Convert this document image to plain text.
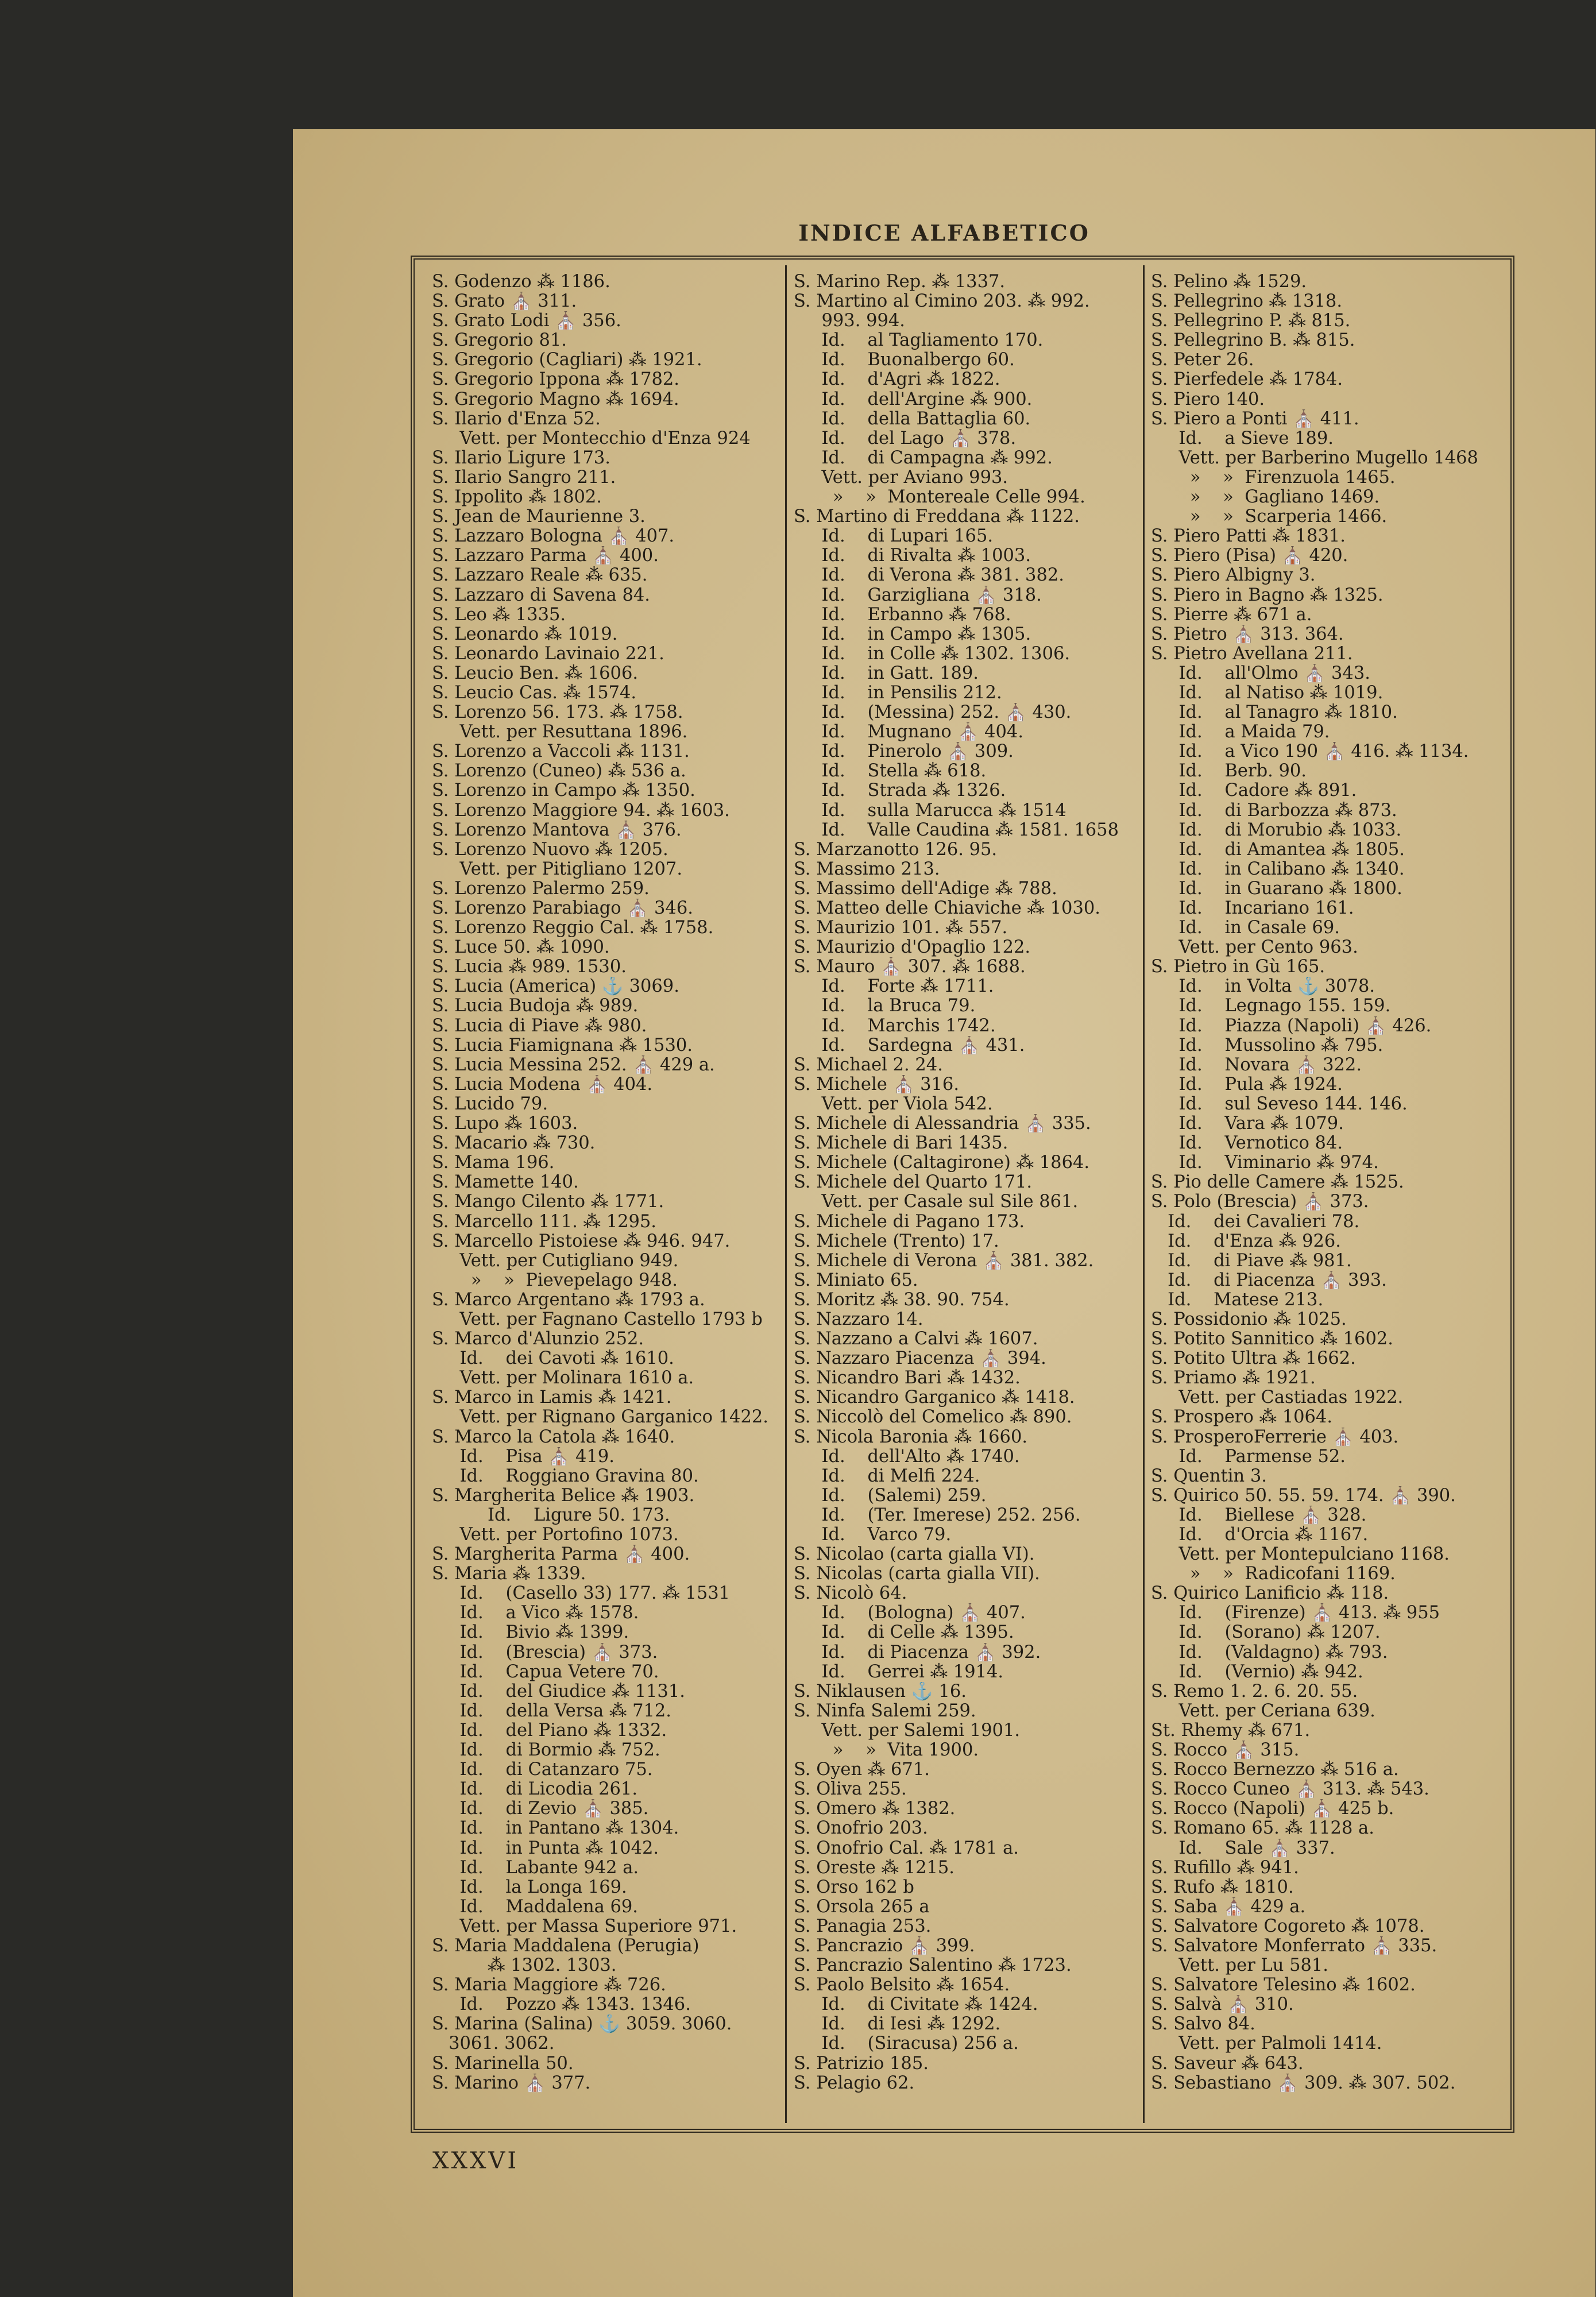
INDICE ALFABETICO
S. Godenzo ⁂ 1186.
S. Grato ⛪ 311.
S. Grato Lodi ⛪ 356.
S. Gregorio 81.
S. Gregorio (Cagliari) ⁂ 1921.
S. Gregorio Ippona ⁂ 1782.
S. Gregorio Magno ⁂ 1694.
S. Ilario d'Enza 52.
Vett. per Montecchio d'Enza 924
S. Ilario Ligure 173.
S. Ilario Sangro 211.
S. Ippolito ⁂ 1802.
S. Jean de Maurienne 3.
S. Lazzaro Bologna ⛪ 407.
S. Lazzaro Parma ⛪ 400.
S. Lazzaro Reale ⁂ 635.
S. Lazzaro di Savena 84.
S. Leo ⁂ 1335.
S. Leonardo ⁂ 1019.
S. Leonardo Lavinaio 221.
S. Leucio Ben. ⁂ 1606.
S. Leucio Cas. ⁂ 1574.
S. Lorenzo 56. 173. ⁂ 1758.
Vett. per Resuttana 1896.
S. Lorenzo a Vaccoli ⁂ 1131.
S. Lorenzo (Cuneo) ⁂ 536 a.
S. Lorenzo in Campo ⁂ 1350.
S. Lorenzo Maggiore 94. ⁂ 1603.
S. Lorenzo Mantova ⛪ 376.
S. Lorenzo Nuovo ⁂ 1205.
Vett. per Pitigliano 1207.
S. Lorenzo Palermo 259.
S. Lorenzo Parabiago ⛪ 346.
S. Lorenzo Reggio Cal. ⁂ 1758.
S. Luce 50. ⁂ 1090.
S. Lucia ⁂ 989. 1530.
S. Lucia (America) ⚓ 3069.
S. Lucia Budoja ⁂ 989.
S. Lucia di Piave ⁂ 980.
S. Lucia Fiamignana ⁂ 1530.
S. Lucia Messina 252. ⛪ 429 a.
S. Lucia Modena ⛪ 404.
S. Lucido 79.
S. Lupo ⁂ 1603.
S. Macario ⁂ 730.
S. Mama 196.
S. Mamette 140.
S. Mango Cilento ⁂ 1771.
S. Marcello 111. ⁂ 1295.
S. Marcello Pistoiese ⁂ 946. 947.
Vett. per Cutigliano 949.
»    »  Pievepelago 948.
S. Marco Argentano ⁂ 1793 a.
Vett. per Fagnano Castello 1793 b
S. Marco d'Alunzio 252.
Id.    dei Cavoti ⁂ 1610.
Vett. per Molinara 1610 a.
S. Marco in Lamis ⁂ 1421.
Vett. per Rignano Garganico 1422.
S. Marco la Catola ⁂ 1640.
Id.    Pisa ⛪ 419.
Id.    Roggiano Gravina 80.
S. Margherita Belice ⁂ 1903.
Id.    Ligure 50. 173.
Vett. per Portofino 1073.
S. Margherita Parma ⛪ 400.
S. Maria ⁂ 1339.
Id.    (Casello 33) 177. ⁂ 1531
Id.    a Vico ⁂ 1578.
Id.    Bivio ⁂ 1399.
Id.    (Brescia) ⛪ 373.
Id.    Capua Vetere 70.
Id.    del Giudice ⁂ 1131.
Id.    della Versa ⁂ 712.
Id.    del Piano ⁂ 1332.
Id.    di Bormio ⁂ 752.
Id.    di Catanzaro 75.
Id.    di Licodia 261.
Id.    di Zevio ⛪ 385.
Id.    in Pantano ⁂ 1304.
Id.    in Punta ⁂ 1042.
Id.    Labante 942 a.
Id.    la Longa 169.
Id.    Maddalena 69.
Vett. per Massa Superiore 971.
S. Maria Maddalena (Perugia)
⁂ 1302. 1303.
S. Maria Maggiore ⁂ 726.
Id.    Pozzo ⁂ 1343. 1346.
S. Marina (Salina) ⚓ 3059. 3060.
3061. 3062.
S. Marinella 50.
S. Marino ⛪ 377.
S. Marino Rep. ⁂ 1337.
S. Martino al Cimino 203. ⁂ 992.
993. 994.
Id.    al Tagliamento 170.
Id.    Buonalbergo 60.
Id.    d'Agri ⁂ 1822.
Id.    dell'Argine ⁂ 900.
Id.    della Battaglia 60.
Id.    del Lago ⛪ 378.
Id.    di Campagna ⁂ 992.
Vett. per Aviano 993.
»    »  Montereale Celle 994.
S. Martino di Freddana ⁂ 1122.
Id.    di Lupari 165.
Id.    di Rivalta ⁂ 1003.
Id.    di Verona ⁂ 381. 382.
Id.    Garzigliana ⛪ 318.
Id.    Erbanno ⁂ 768.
Id.    in Campo ⁂ 1305.
Id.    in Colle ⁂ 1302. 1306.
Id.    in Gatt. 189.
Id.    in Pensilis 212.
Id.    (Messina) 252. ⛪ 430.
Id.    Mugnano ⛪ 404.
Id.    Pinerolo ⛪ 309.
Id.    Stella ⁂ 618.
Id.    Strada ⁂ 1326.
Id.    sulla Marucca ⁂ 1514
Id.    Valle Caudina ⁂ 1581. 1658
S. Marzanotto 126. 95.
S. Massimo 213.
S. Massimo dell'Adige ⁂ 788.
S. Matteo delle Chiaviche ⁂ 1030.
S. Maurizio 101. ⁂ 557.
S. Maurizio d'Opaglio 122.
S. Mauro ⛪ 307. ⁂ 1688.
Id.    Forte ⁂ 1711.
Id.    la Bruca 79.
Id.    Marchis 1742.
Id.    Sardegna ⛪ 431.
S. Michael 2. 24.
S. Michele ⛪ 316.
Vett. per Viola 542.
S. Michele di Alessandria ⛪ 335.
S. Michele di Bari 1435.
S. Michele (Caltagirone) ⁂ 1864.
S. Michele del Quarto 171.
Vett. per Casale sul Sile 861.
S. Michele di Pagano 173.
S. Michele (Trento) 17.
S. Michele di Verona ⛪ 381. 382.
S. Miniato 65.
S. Moritz ⁂ 38. 90. 754.
S. Nazzaro 14.
S. Nazzano a Calvi ⁂ 1607.
S. Nazzaro Piacenza ⛪ 394.
S. Nicandro Bari ⁂ 1432.
S. Nicandro Garganico ⁂ 1418.
S. Niccolò del Comelico ⁂ 890.
S. Nicola Baronia ⁂ 1660.
Id.    dell'Alto ⁂ 1740.
Id.    di Melfi 224.
Id.    (Salemi) 259.
Id.    (Ter. Imerese) 252. 256.
Id.    Varco 79.
S. Nicolao (carta gialla VI).
S. Nicolas (carta gialla VII).
S. Nicolò 64.
Id.    (Bologna) ⛪ 407.
Id.    di Celle ⁂ 1395.
Id.    di Piacenza ⛪ 392.
Id.    Gerrei ⁂ 1914.
S. Niklausen ⚓ 16.
S. Ninfa Salemi 259.
Vett. per Salemi 1901.
»    »  Vita 1900.
S. Oyen ⁂ 671.
S. Oliva 255.
S. Omero ⁂ 1382.
S. Onofrio 203.
S. Onofrio Cal. ⁂ 1781 a.
S. Oreste ⁂ 1215.
S. Orso 162 b
S. Orsola 265 a
S. Panagia 253.
S. Pancrazio ⛪ 399.
S. Pancrazio Salentino ⁂ 1723.
S. Paolo Belsito ⁂ 1654.
Id.    di Civitate ⁂ 1424.
Id.    di Iesi ⁂ 1292.
Id.    (Siracusa) 256 a.
S. Patrizio 185.
S. Pelagio 62.
S. Pelino ⁂ 1529.
S. Pellegrino ⁂ 1318.
S. Pellegrino P. ⁂ 815.
S. Pellegrino B. ⁂ 815.
S. Peter 26.
S. Pierfedele ⁂ 1784.
S. Piero 140.
S. Piero a Ponti ⛪ 411.
Id.    a Sieve 189.
Vett. per Barberino Mugello 1468
»    »  Firenzuola 1465.
»    »  Gagliano 1469.
»    »  Scarperia 1466.
S. Piero Patti ⁂ 1831.
S. Piero (Pisa) ⛪ 420.
S. Piero Albigny 3.
S. Piero in Bagno ⁂ 1325.
S. Pierre ⁂ 671 a.
S. Pietro ⛪ 313. 364.
S. Pietro Avellana 211.
Id.    all'Olmo ⛪ 343.
Id.    al Natiso ⁂ 1019.
Id.    al Tanagro ⁂ 1810.
Id.    a Maida 79.
Id.    a Vico 190 ⛪ 416. ⁂ 1134.
Id.    Berb. 90.
Id.    Cadore ⁂ 891.
Id.    di Barbozza ⁂ 873.
Id.    di Morubio ⁂ 1033.
Id.    di Amantea ⁂ 1805.
Id.    in Calibano ⁂ 1340.
Id.    in Guarano ⁂ 1800.
Id.    Incariano 161.
Id.    in Casale 69.
Vett. per Cento 963.
S. Pietro in Gù 165.
Id.    in Volta ⚓ 3078.
Id.    Legnago 155. 159.
Id.    Piazza (Napoli) ⛪ 426.
Id.    Mussolino ⁂ 795.
Id.    Novara ⛪ 322.
Id.    Pula ⁂ 1924.
Id.    sul Seveso 144. 146.
Id.    Vara ⁂ 1079.
Id.    Vernotico 84.
Id.    Viminario ⁂ 974.
S. Pio delle Camere ⁂ 1525.
S. Polo (Brescia) ⛪ 373.
Id.    dei Cavalieri 78.
Id.    d'Enza ⁂ 926.
Id.    di Piave ⁂ 981.
Id.    di Piacenza ⛪ 393.
Id.    Matese 213.
S. Possidonio ⁂ 1025.
S. Potito Sannitico ⁂ 1602.
S. Potito Ultra ⁂ 1662.
S. Priamo ⁂ 1921.
Vett. per Castiadas 1922.
S. Prospero ⁂ 1064.
S. ProsperoFerrerie ⛪ 403.
Id.    Parmense 52.
S. Quentin 3.
S. Quirico 50. 55. 59. 174. ⛪ 390.
Id.    Biellese ⛪ 328.
Id.    d'Orcia ⁂ 1167.
Vett. per Montepulciano 1168.
»    »  Radicofani 1169.
S. Quirico Lanificio ⁂ 118.
Id.    (Firenze) ⛪ 413. ⁂ 955
Id.    (Sorano) ⁂ 1207.
Id.    (Valdagno) ⁂ 793.
Id.    (Vernio) ⁂ 942.
S. Remo 1. 2. 6. 20. 55.
Vett. per Ceriana 639.
St. Rhemy ⁂ 671.
S. Rocco ⛪ 315.
S. Rocco Bernezzo ⁂ 516 a.
S. Rocco Cuneo ⛪ 313. ⁂ 543.
S. Rocco (Napoli) ⛪ 425 b.
S. Romano 65. ⁂ 1128 a.
Id.    Sale ⛪ 337.
S. Rufillo ⁂ 941.
S. Rufo ⁂ 1810.
S. Saba ⛪ 429 a.
S. Salvatore Cogoreto ⁂ 1078.
S. Salvatore Monferrato ⛪ 335.
Vett. per Lu 581.
S. Salvatore Telesino ⁂ 1602.
S. Salvà ⛪ 310.
S. Salvo 84.
Vett. per Palmoli 1414.
S. Saveur ⁂ 643.
S. Sebastiano ⛪ 309. ⁂ 307. 502.
XXXVI
